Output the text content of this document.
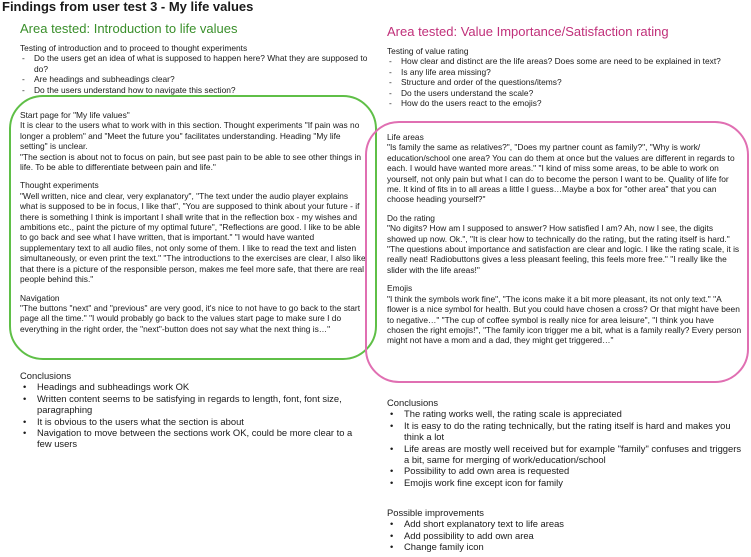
Findings from user test 3 - My life values
Area tested: Introduction to life values

Testing of introduction and to proceed to thought experiments

- Do the users get an idea of what is supposed to happen here? What they are supposed to do?
- Are headings and subheadings clear?
- Do the users understand how to navigate this section?

Start page for "My life values"

It is clear to the users what to work with in this section. Thought experiments "If pain was no longer a problem" and "Meet the future you" facilitates understanding. Heading "My life setting" is unclear.

"The section is about not to focus on pain, but see past pain to be able to see other things in life. To be able to differentiate between pain and life."

Thought experiments

"Well written, nice and clear, very explanatory", "The text under the audio player explains what is supposed to be in focus, I like that", "You are supposed to think about your future - if there is something I think is important I shall write that in the reflection box - my wishes and ambitions etc., paint the picture of my optimal future", "Reflections are good. I like to be able to go back and see what I have written, that is important." "I would have wanted supplementary text to all audio files, not only some of them. I like to read the text and listen simultaneously, or even print the text." "The introductions to the exercises are clear, I also like that there is a picture of the responsible person, makes me feel more safe, that there are real people behind this."

Navigation

"The buttons "next" and "previous" are very good, it's nice to not have to go back to the start page all the time." "I would probably go back to the values start page to make sure I do everything in the right order, the "next"-button does not say what the next thing is…"

Conclusions

• Headings and subheadings work OK
• Written content seems to be satisfying in regards to length, font, font size, paragraphing
• It is obvious to the users what the section is about
• Navigation to move between the sections work OK, could be more clear to a few users
Area tested: Value Importance/Satisfaction rating

Testing of value rating

- How clear and distinct are the life areas? Does some are need to be explained in text?
- Is any life area missing?
- Structure and order of the questions/items?
- Do the users understand the scale?
- How do the users react to the emojis?

Life areas

"Is family the same as relatives?", "Does my partner count as family?", "Why is work/ education/school one area? You can do them at once but the values are different in regards to each. I would have wanted more areas." "I kind of miss some areas, to be able to work on yourself, not only pain but what I can do to become the person I want to be. Quality of life for me. It kind of fits in to all areas a little I guess…Maybe a box for "other area" that you can choose heading yourself?"

Do the rating

"No digits? How am I supposed to answer? How satisfied I am? Ah, now I see, the digits showed up now. Ok.", "It is clear how to technically do the rating, but the rating itself is hard." "The questions about importance and satisfaction are clear and logic. I like the rating scale, it is really neat! Radiobuttons gives a less pleasant feeling, this feels more free." "I really like the slider with the life areas!"

Emojis

"I think the symbols work fine", "The icons make it a bit more pleasant, its not only text." "A flower is a nice symbol for health. But you could have chosen a cross? Or that might have been to negative…" "The cup of coffee symbol is really nice for area leisure", "I think you have chosen the right emojis!", "The family icon trigger me a bit, what is a family really? Every person might not have a mom and a dad, they might get triggered…"

Conclusions

• The rating works well, the rating scale is appreciated
• It is easy to do the rating technically, but the rating itself is hard and makes you think a lot
• Life areas are mostly well received but for example "family" confuses and triggers a bit, same for merging of work/education/school
• Possibility to add own area is requested
• Emojis work fine except icon for family

Possible improvements

• Add short explanatory text to life areas
• Add possibility to add own area
• Change family icon
